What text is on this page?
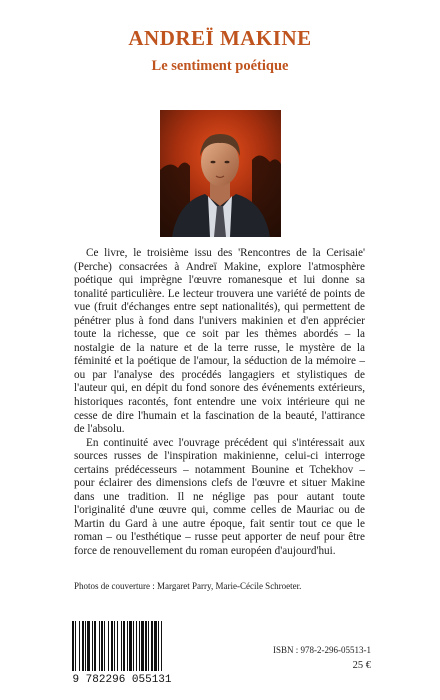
ANDREÏ MAKINE
Le sentiment poétique

Ce livre, le troisième issu des 'Rencontres de la Cerisaie' (Perche) consacrées à Andreï Makine, explore l'atmosphère poétique qui imprègne l'œuvre romanesque et lui donne sa tonalité particulière. Le lecteur trouvera une variété de points de vue (fruit d'échanges entre sept nationalités), qui permettent de pénétrer plus à fond dans l'univers makinien et d'en apprécier toute la richesse, que ce soit par les thèmes abordés – la nostalgie de la nature et de la terre russe, le mystère de la féminité et la poétique de l'amour, la séduction de la mémoire – ou par l'analyse des procédés langagiers et stylistiques de l'auteur qui, en dépit du fond sonore des événements extérieurs, historiques racontés, font entendre une voix intérieure qui ne cesse de dire l'humain et la fascination de la beauté, l'attirance de l'absolu.

En continuité avec l'ouvrage précédent qui s'intéressait aux sources russes de l'inspiration makinienne, celui-ci interroge certains prédécesseurs – notamment Bounine et Tchekhov – pour éclairer des dimensions clefs de l'œuvre et situer Makine dans une tradition. Il ne néglige pas pour autant toute l'originalité d'une œuvre qui, comme celles de Mauriac ou de Martin du Gard à une autre époque, fait sentir tout ce que le roman – ou l'esthétique – russe peut apporter de neuf pour être force de renouvellement du roman européen d'aujourd'hui.

Photos de couverture : Margaret Parry, Marie-Cécile Schroeter.
9 782296 055131
ISBN : 978-2-296-05513-1
25 €
